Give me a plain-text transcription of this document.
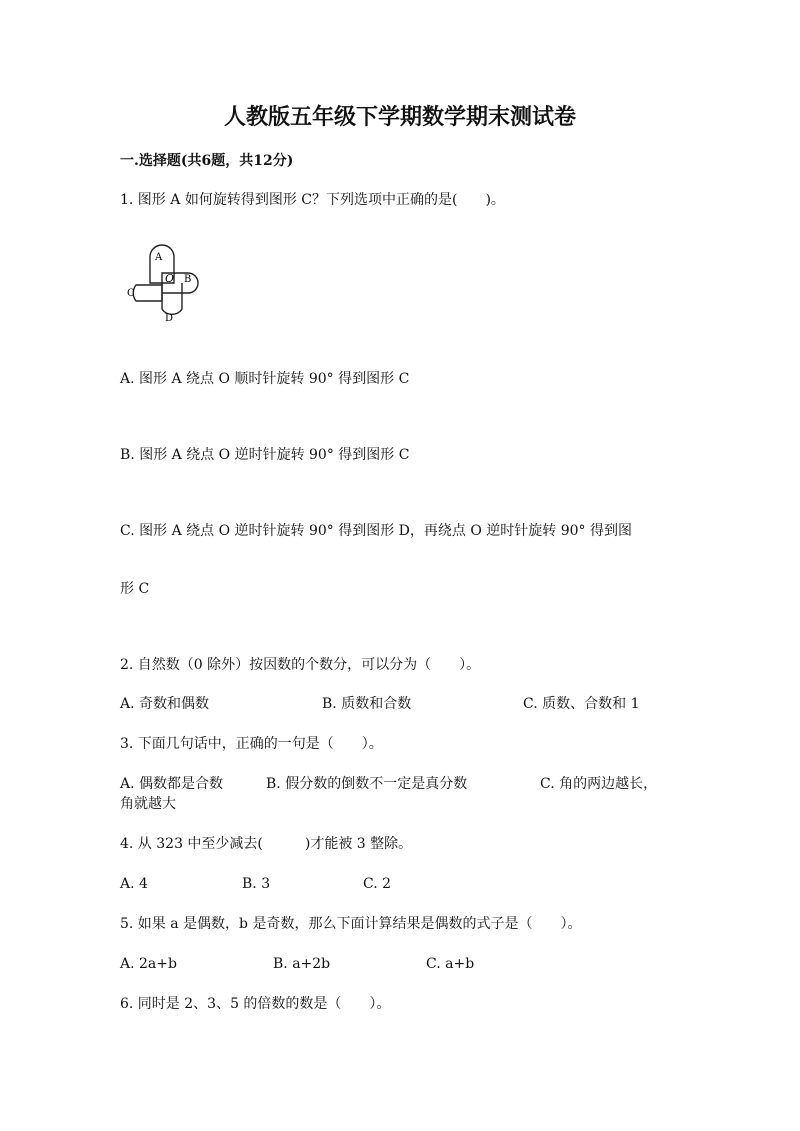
人教版五年级下学期数学期末测试卷
一.选择题(共6题，共12分)
1. 图形 A 如何旋转得到图形 C？下列选项中正确的是(　　)。
A
O B
C
D
A. 图形 A 绕点 O 顺时针旋转 90° 得到图形 C
B. 图形 A 绕点 O 逆时针旋转 90° 得到图形 C
C. 图形 A 绕点 O 逆时针旋转 90° 得到图形 D，再绕点 O 逆时针旋转 90° 得到图
形 C
2. 自然数（0 除外）按因数的个数分，可以分为（　　）。
A. 奇数和偶数	B. 质数和合数	C. 质数、合数和 1
3. 下面几句话中，正确的一句是（　　）。
A. 偶数都是合数	B. 假分数的倒数不一定是真分数	C. 角的两边越长，
角就越大
4. 从 323 中至少减去(　　　)才能被 3 整除。
A. 4	B. 3	C. 2
5. 如果 a 是偶数，b 是奇数，那么下面计算结果是偶数的式子是（　　）。
A. 2a+b	B. a+2b	C. a+b
6. 同时是 2、3、5 的倍数的数是（　　）。
